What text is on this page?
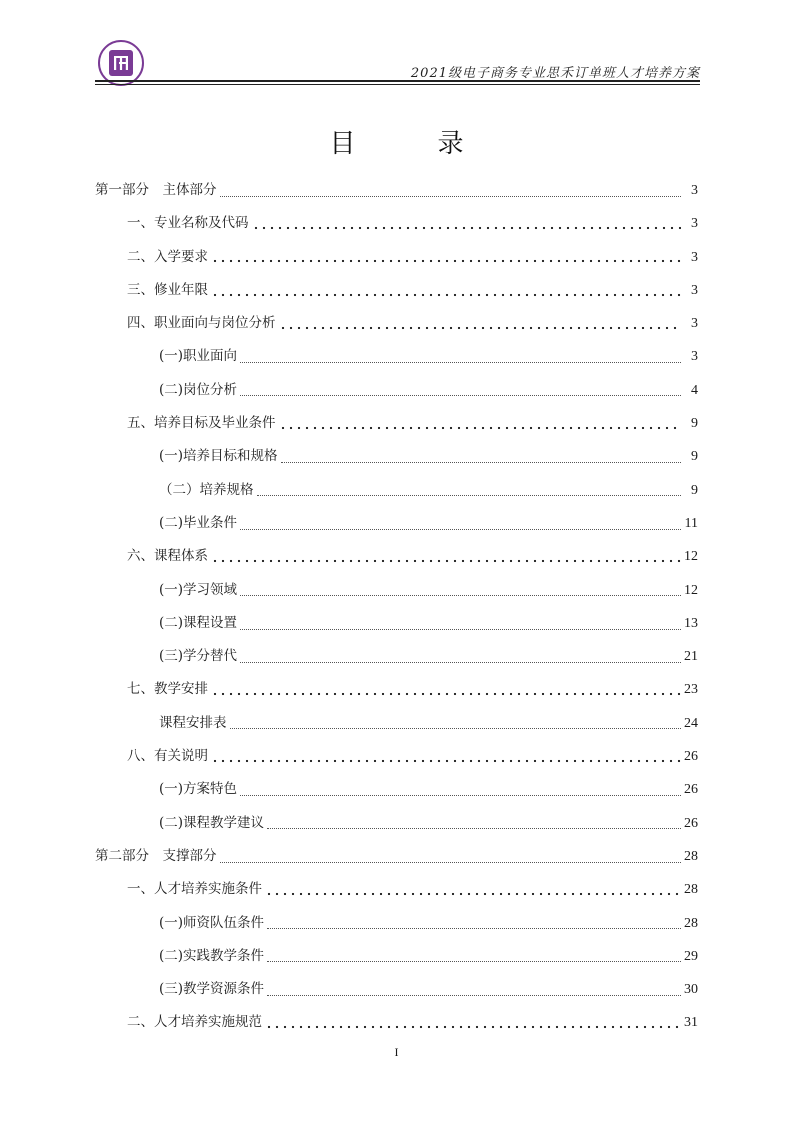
2021级电子商务专业思禾订单班人才培养方案
目　录
第一部分　主体部分	3
一、专业名称及代码	3
二、入学要求	3
三、修业年限	3
四、职业面向与岗位分析	3
(一)职业面向	3
(二)岗位分析	4
五、培养目标及毕业条件	9
(一)培养目标和规格	9
（二）培养规格	9
(二)毕业条件	11
六、课程体系	12
(一)学习领域	12
(二)课程设置	13
(三)学分替代	21
七、教学安排	23
课程安排表	24
八、有关说明	26
(一)方案特色	26
(二)课程教学建议	26
第二部分　支撑部分	28
一、人才培养实施条件	28
(一)师资队伍条件	28
(二)实践教学条件	29
(三)教学资源条件	30
二、人才培养实施规范	31
I
